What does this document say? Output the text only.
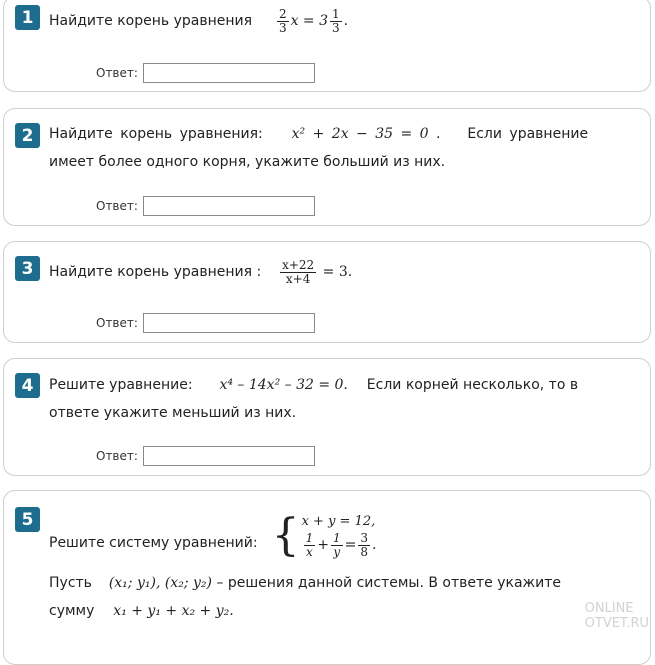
1	Найдите корень уравнения $\frac{2}{3}$ $x = 3 \frac{1}{3}$ .
Ответ:
2	Найдите корень уравнения: x² + 2x − 35 = 0 . Если уравнение
имеет более одного корня, укажите больший из них.
Ответ:
3	Найдите корень уравнения : $\frac{x+22}{x+4} = 3$.
Ответ:
4	Решите уравнение: x⁴ – 14x² – 32 = 0. Если корней несколько, то в
ответе укажите меньший из них.
Ответ:
5
Решите систему уравнений: { x + y = 12,
$\frac{1}{x} + \frac{1}{y} = \frac{3}{8}$ .
Пусть (x₁; y₁), (x₂; y₂) – решения данной системы. В ответе укажите
сумму x₁ + y₁ + x₂ + y₂.	ONLINE
OTVET.RU
